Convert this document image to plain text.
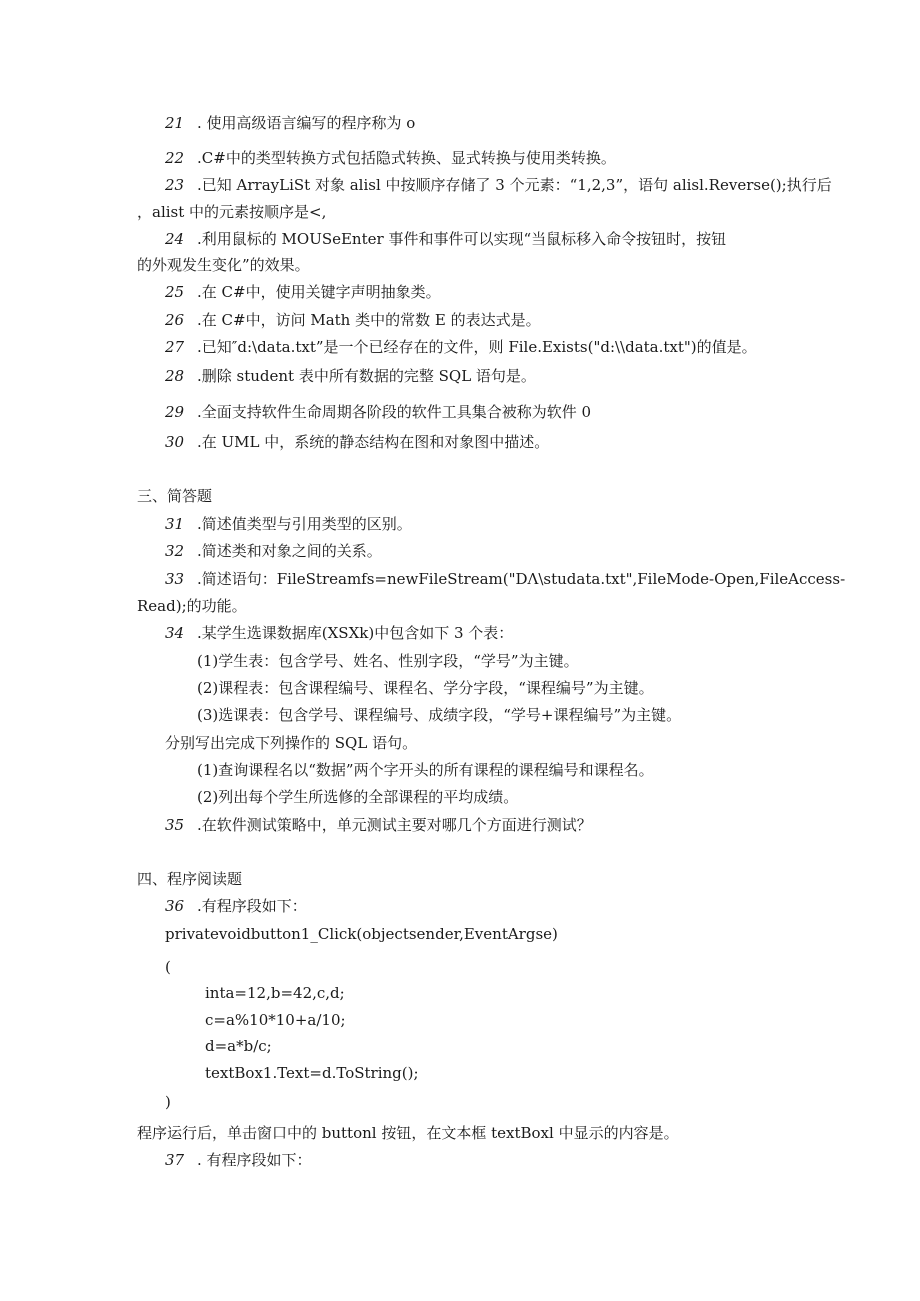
21 . 使用高级语言编写的程序称为 o
22 .C#中的类型转换方式包括隐式转换、显式转换与使用类转换。
23 .已知 ArrayLiSt 对象 alisl 中按顺序存储了 3 个元素：“1,2,3”，语句 alisl.Reverse();执行后
，alist 中的元素按顺序是<,
24 .利用鼠标的 MOUSeEnter 事件和事件可以实现“当鼠标移入命令按钮时，按钮
的外观发生变化”的效果。
25 .在 C#中，使用关键字声明抽象类。
26 .在 C#中，访问 Math 类中的常数 E 的表达式是。
27 .已知″d:\data.txt”是一个已经存在的文件，则 File.Exists("d:\\data.txt")的值是。
28 .删除 student 表中所有数据的完整 SQL 语句是。
29 .全面支持软件生命周期各阶段的软件工具集合被称为软件 0
30 .在 UML 中，系统的静态结构在图和对象图中描述。
三、简答题
31 .简述值类型与引用类型的区别。
32 .简述类和对象之间的关系。
33 .简述语句：FileStreamfs=newFileStream("DΛ\studata.txt",FileMode-Open,FileAccess-
Read);的功能。
34 .某学生选课数据库(XSXk)中包含如下 3 个表：
(1)学生表：包含学号、姓名、性别字段，“学号”为主键。
(2)课程表：包含课程编号、课程名、学分字段，“课程编号”为主键。
(3)选课表：包含学号、课程编号、成绩字段，“学号+课程编号”为主键。
分别写出完成下列操作的 SQL 语句。
(1)查询课程名以“数据”两个字开头的所有课程的课程编号和课程名。
(2)列出每个学生所选修的全部课程的平均成绩。
35 .在软件测试策略中，单元测试主要对哪几个方面进行测试？
四、程序阅读题
36 .有程序段如下：
privatevoidbutton1_Click(objectsender,EventArgse)
(
inta=12,b=42,c,d;
c=a%10*10+a∕10;
d=a*b∕c;
textBox1.Text=d.ToString();
)
程序运行后，单击窗口中的 buttonl 按钮，在文本框 textBoxl 中显示的内容是。
37 . 有程序段如下：
